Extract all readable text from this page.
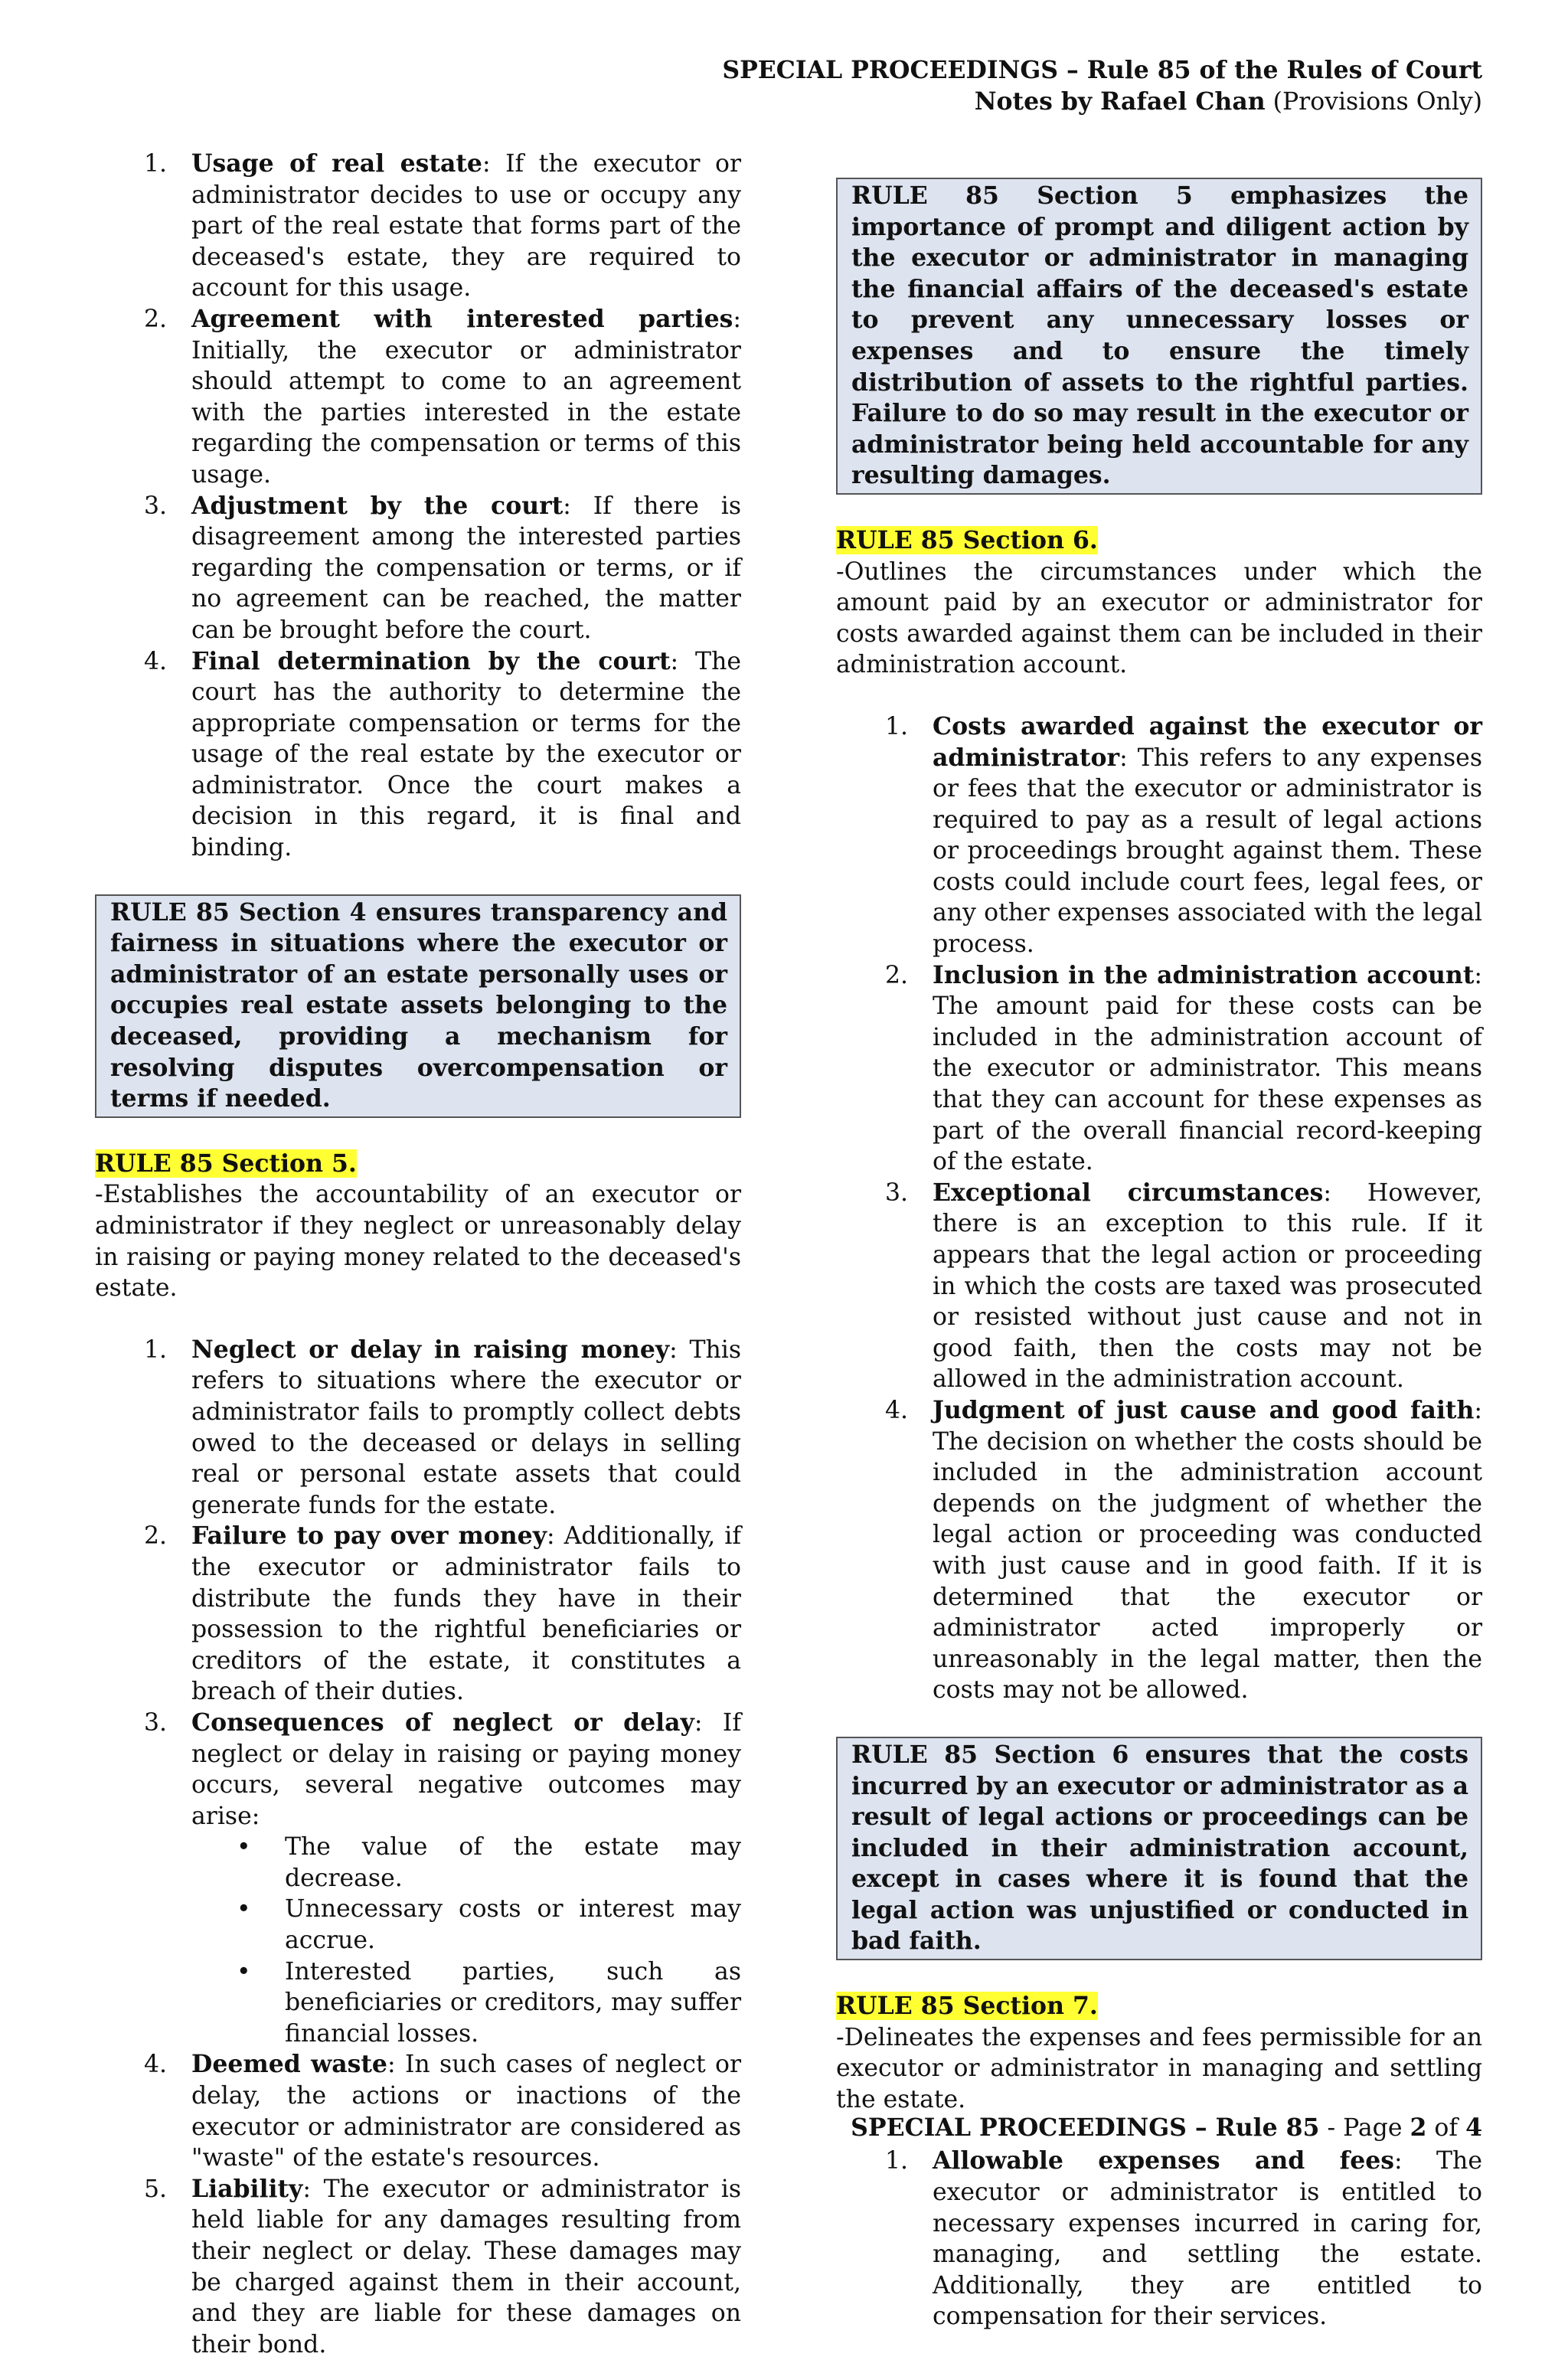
SPECIAL PROCEEDINGS – Rule 85 of the Rules of Court
Notes by Rafael Chan (Provisions Only)
1. Usage of real estate: If the executor or administrator decides to use or occupy any part of the real estate that forms part of the deceased's estate, they are required to account for this usage.
2. Agreement with interested parties: Initially, the executor or administrator should attempt to come to an agreement with the parties interested in the estate regarding the compensation or terms of this usage.
3. Adjustment by the court: If there is disagreement among the interested parties regarding the compensation or terms, or if no agreement can be reached, the matter can be brought before the court.
4. Final determination by the court: The court has the authority to determine the appropriate compensation or terms for the usage of the real estate by the executor or administrator. Once the court makes a decision in this regard, it is final and binding.

RULE 85 Section 4 ensures transparency and fairness in situations where the executor or administrator of an estate personally uses or occupies real estate assets belonging to the deceased, providing a mechanism for resolving disputes overcompensation or terms if needed.

RULE 85 Section 5.

-Establishes the accountability of an executor or administrator if they neglect or unreasonably delay in raising or paying money related to the deceased's estate.

1. Neglect or delay in raising money: This refers to situations where the executor or administrator fails to promptly collect debts owed to the deceased or delays in selling real or personal estate assets that could generate funds for the estate.
2. Failure to pay over money: Additionally, if the executor or administrator fails to distribute the funds they have in their possession to the rightful beneficiaries or creditors of the estate, it constitutes a breach of their duties.
3. Consequences of neglect or delay: If neglect or delay in raising or paying money occurs, several negative outcomes may arise:
• The value of the estate may decrease.
• Unnecessary costs or interest may accrue.
• Interested parties, such as beneficiaries or creditors, may suffer financial losses.
4. Deemed waste: In such cases of neglect or delay, the actions or inactions of the executor or administrator are considered as "waste" of the estate's resources.
5. Liability: The executor or administrator is held liable for any damages resulting from their neglect or delay. These damages may be charged against them in their account, and they are liable for these damages on their bond.

RULE 85 Section 5 emphasizes the importance of prompt and diligent action by the executor or administrator in managing the financial affairs of the deceased's estate to prevent any unnecessary losses or expenses and to ensure the timely distribution of assets to the rightful parties. Failure to do so may result in the executor or administrator being held accountable for any resulting damages.

RULE 85 Section 6.

-Outlines the circumstances under which the amount paid by an executor or administrator for costs awarded against them can be included in their administration account.

1. Costs awarded against the executor or administrator: This refers to any expenses or fees that the executor or administrator is required to pay as a result of legal actions or proceedings brought against them. These costs could include court fees, legal fees, or any other expenses associated with the legal process.
2. Inclusion in the administration account: The amount paid for these costs can be included in the administration account of the executor or administrator. This means that they can account for these expenses as part of the overall financial record-keeping of the estate.
3. Exceptional circumstances: However, there is an exception to this rule. If it appears that the legal action or proceeding in which the costs are taxed was prosecuted or resisted without just cause and not in good faith, then the costs may not be allowed in the administration account.
4. Judgment of just cause and good faith: The decision on whether the costs should be included in the administration account depends on the judgment of whether the legal action or proceeding was conducted with just cause and in good faith. If it is determined that the executor or administrator acted improperly or unreasonably in the legal matter, then the costs may not be allowed.

RULE 85 Section 6 ensures that the costs incurred by an executor or administrator as a result of legal actions or proceedings can be included in their administration account, except in cases where it is found that the legal action was unjustified or conducted in bad faith.

RULE 85 Section 7.

-Delineates the expenses and fees permissible for an executor or administrator in managing and settling the estate.

1. Allowable expenses and fees: The executor or administrator is entitled to necessary expenses incurred in caring for, managing, and settling the estate. Additionally, they are entitled to compensation for their services.
SPECIAL PROCEEDINGS – Rule 85 - Page 2 of 4
